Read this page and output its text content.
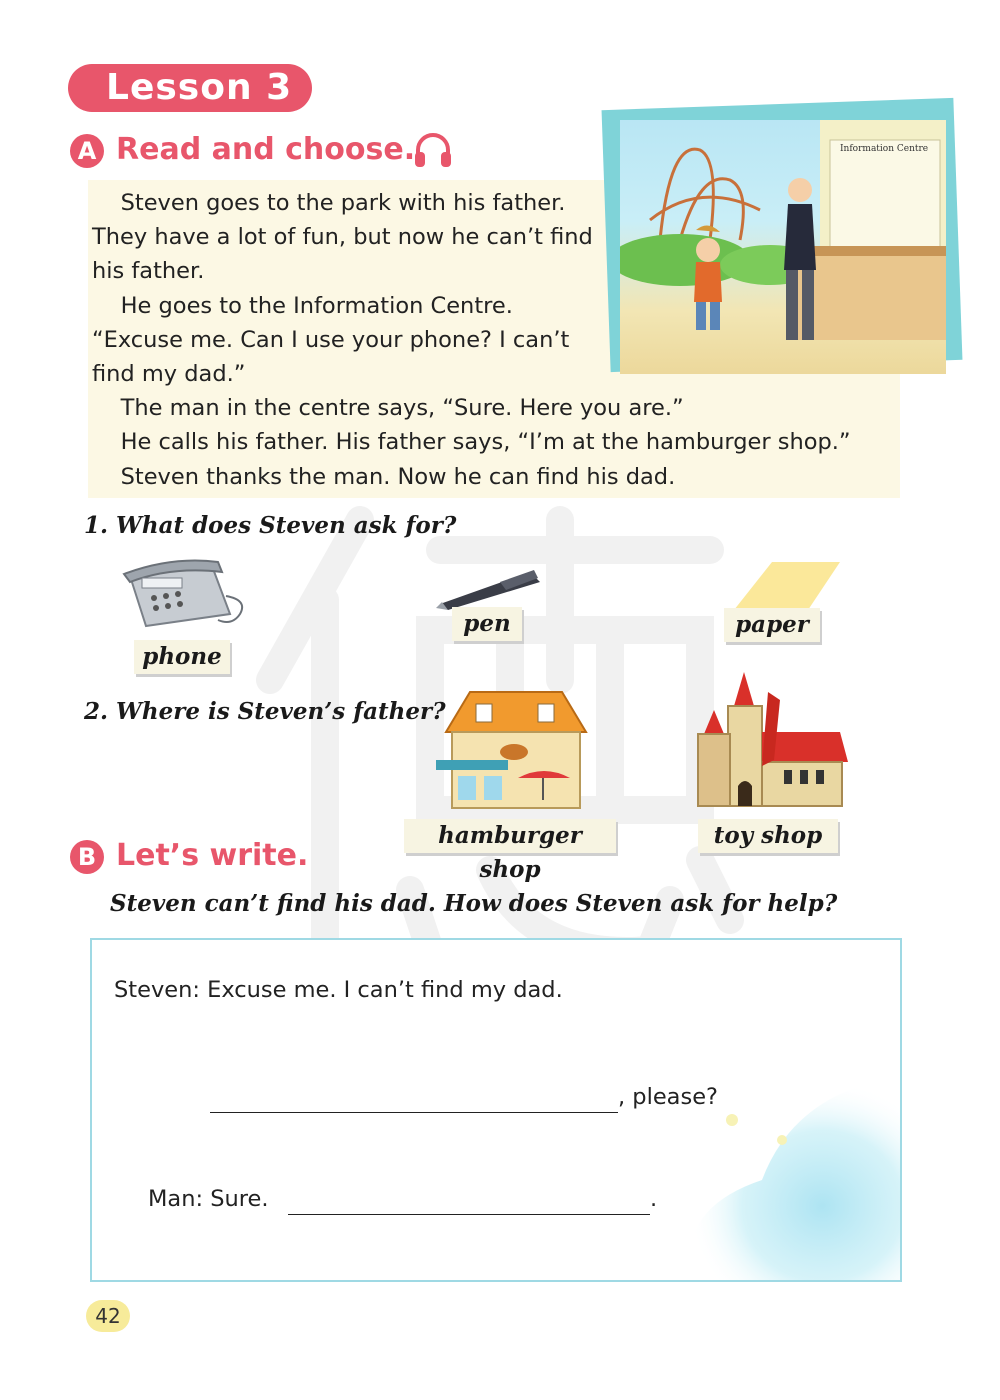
Lesson 3
A Read and choose.	Information Centre

Steven goes to the park with his father.

They have a lot of fun, but now he can’t find

his father.

He goes to the Information Centre.

“Excuse me. Can I use your phone? I can’t

find my dad.”

The man in the centre says, “Sure. Here you are.”

He calls his father. His father says, “I’m at the hamburger shop.”

Steven thanks the man. Now he can find his dad.

1. What does Steven ask for?
phone
pen	paper
2. Where is Steven’s father?
hamburger shop
toy shop
B Let’s write.
Steven can’t find his dad. How does Steven ask for help?
Steven: Excuse me. I can’t find my dad.
, please?
Man: Sure.	.
42
